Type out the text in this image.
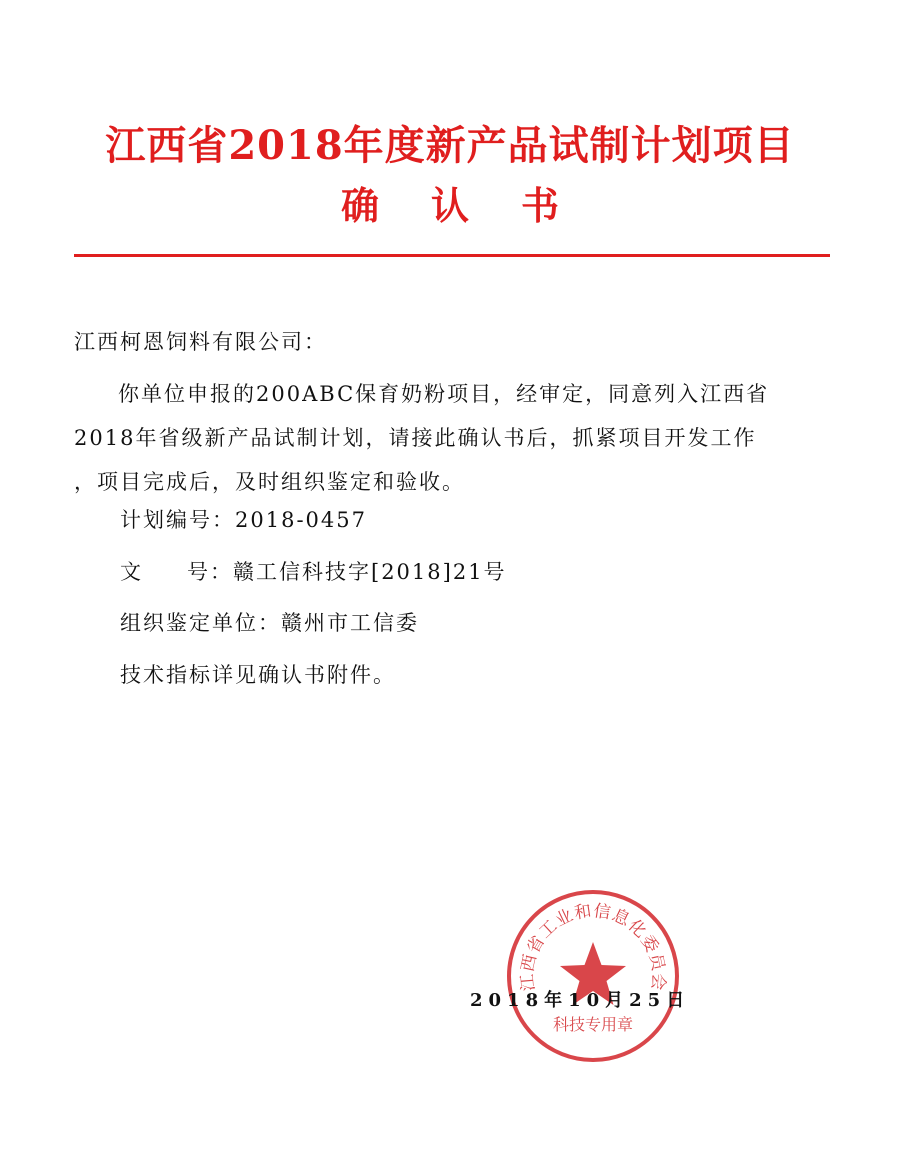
江西省2018年度新产品试制计划项目
确认书

江西柯恩饲料有限公司：

你单位申报的200ABC保育奶粉项目，经审定，同意列入江西省
2018年省级新产品试制计划，请接此确认书后，抓紧项目开发工作
，项目完成后，及时组织鉴定和验收。

计划编号：2018-0457

文号：赣工信科技字[2018]21号

组织鉴定单位：赣州市工信委

技术指标详见确认书附件。

江西省工业和信息化委员会
科技专用章
2018年10月25日
